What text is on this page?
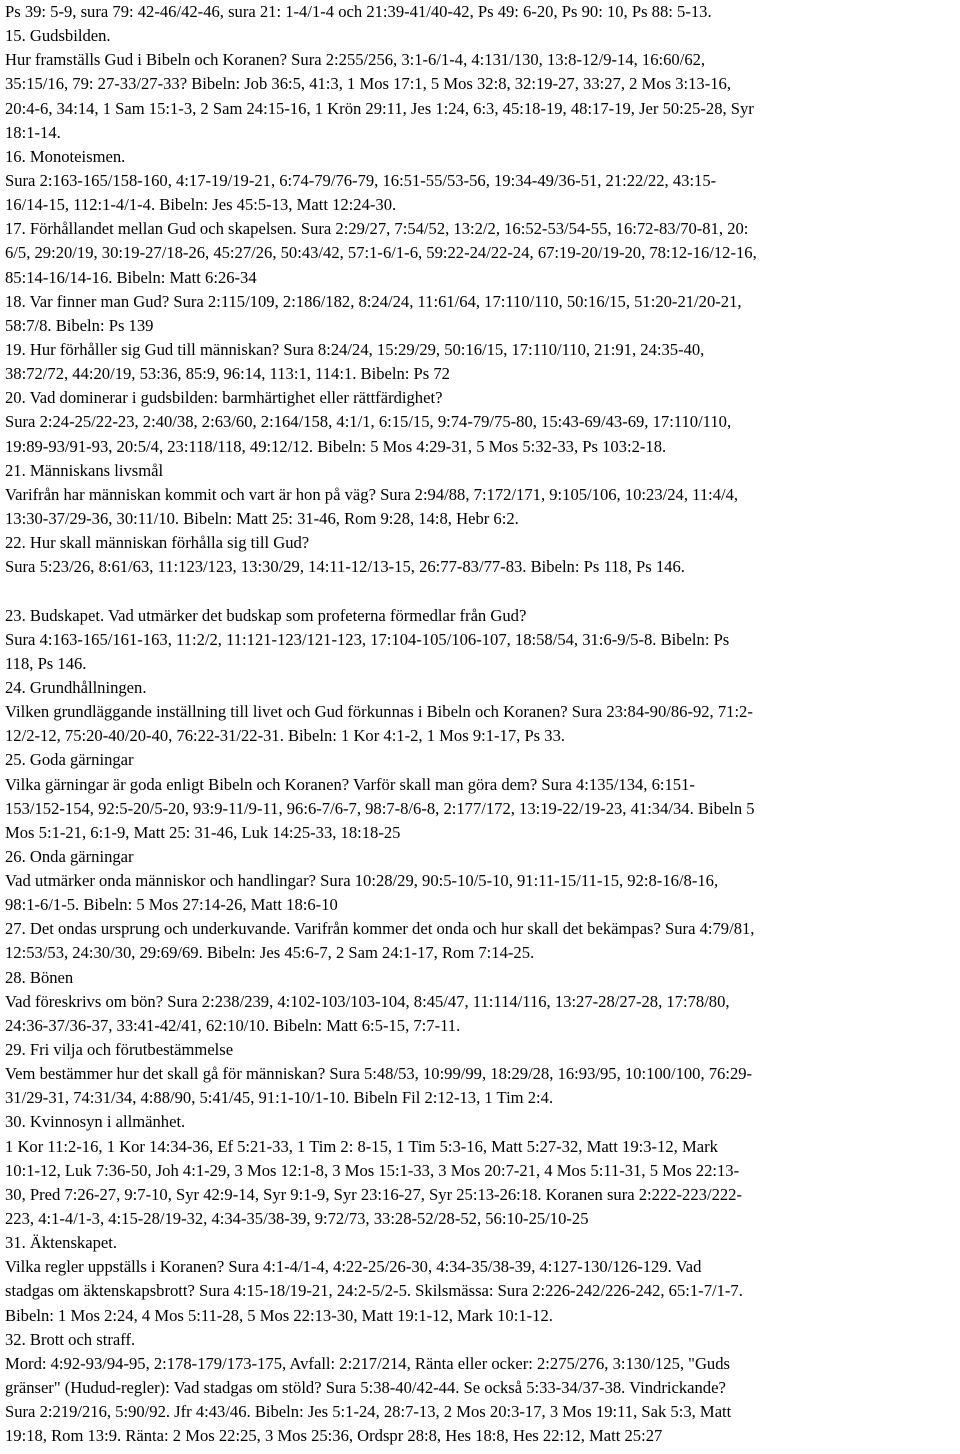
Ps 39: 5-9, sura 79: 42-46/42-46, sura 21: 1-4/1-4 och 21:39-41/40-42, Ps 49: 6-20, Ps 90: 10, Ps 88: 5-13.
15. Gudsbilden.
Hur framställs Gud i Bibeln och Koranen? Sura 2:255/256, 3:1-6/1-4, 4:131/130, 13:8-12/9-14, 16:60/62,
35:15/16, 79: 27-33/27-33? Bibeln: Job 36:5, 41:3, 1 Mos 17:1, 5 Mos 32:8, 32:19-27, 33:27, 2 Mos 3:13-16,
20:4-6, 34:14, 1 Sam 15:1-3, 2 Sam 24:15-16, 1 Krön 29:11, Jes 1:24, 6:3, 45:18-19, 48:17-19, Jer 50:25-28, Syr
18:1-14.
16. Monoteismen.
Sura 2:163-165/158-160, 4:17-19/19-21, 6:74-79/76-79, 16:51-55/53-56, 19:34-49/36-51, 21:22/22, 43:15-
16/14-15, 112:1-4/1-4. Bibeln: Jes 45:5-13, Matt 12:24-30.
17. Förhållandet mellan Gud och skapelsen. Sura 2:29/27, 7:54/52, 13:2/2, 16:52-53/54-55, 16:72-83/70-81, 20:
6/5, 29:20/19, 30:19-27/18-26, 45:27/26, 50:43/42, 57:1-6/1-6, 59:22-24/22-24, 67:19-20/19-20, 78:12-16/12-16,
85:14-16/14-16. Bibeln: Matt 6:26-34
18. Var finner man Gud? Sura 2:115/109, 2:186/182, 8:24/24, 11:61/64, 17:110/110, 50:16/15, 51:20-21/20-21,
58:7/8. Bibeln: Ps 139
19. Hur förhåller sig Gud till människan? Sura 8:24/24, 15:29/29, 50:16/15, 17:110/110, 21:91, 24:35-40,
38:72/72, 44:20/19, 53:36, 85:9, 96:14, 113:1, 114:1. Bibeln: Ps 72
20. Vad dominerar i gudsbilden: barmhärtighet eller rättfärdighet?
Sura 2:24-25/22-23, 2:40/38, 2:63/60, 2:164/158, 4:1/1, 6:15/15, 9:74-79/75-80, 15:43-69/43-69, 17:110/110,
19:89-93/91-93, 20:5/4, 23:118/118, 49:12/12. Bibeln: 5 Mos 4:29-31, 5 Mos 5:32-33, Ps 103:2-18.
21. Människans livsmål
Varifrån har människan kommit och vart är hon på väg? Sura 2:94/88, 7:172/171, 9:105/106, 10:23/24, 11:4/4,
13:30-37/29-36, 30:11/10. Bibeln: Matt 25: 31-46, Rom 9:28, 14:8, Hebr 6:2.
22. Hur skall människan förhålla sig till Gud?
Sura 5:23/26, 8:61/63, 11:123/123, 13:30/29, 14:11-12/13-15, 26:77-83/77-83. Bibeln: Ps 118, Ps 146.
23. Budskapet. Vad utmärker det budskap som profeterna förmedlar från Gud?
Sura 4:163-165/161-163, 11:2/2, 11:121-123/121-123, 17:104-105/106-107, 18:58/54, 31:6-9/5-8. Bibeln: Ps
118, Ps 146.
24. Grundhållningen.
Vilken grundläggande inställning till livet och Gud förkunnas i Bibeln och Koranen? Sura 23:84-90/86-92, 71:2-
12/2-12, 75:20-40/20-40, 76:22-31/22-31. Bibeln: 1 Kor 4:1-2, 1 Mos 9:1-17, Ps 33.
25. Goda gärningar
Vilka gärningar är goda enligt Bibeln och Koranen? Varför skall man göra dem? Sura 4:135/134, 6:151-
153/152-154, 92:5-20/5-20, 93:9-11/9-11, 96:6-7/6-7, 98:7-8/6-8, 2:177/172, 13:19-22/19-23, 41:34/34. Bibeln 5
Mos 5:1-21, 6:1-9, Matt 25: 31-46, Luk 14:25-33, 18:18-25
26. Onda gärningar
Vad utmärker onda människor och handlingar? Sura 10:28/29, 90:5-10/5-10, 91:11-15/11-15, 92:8-16/8-16,
98:1-6/1-5. Bibeln: 5 Mos 27:14-26, Matt 18:6-10
27. Det ondas ursprung och underkuvande. Varifrån kommer det onda och hur skall det bekämpas? Sura 4:79/81,
12:53/53, 24:30/30, 29:69/69. Bibeln: Jes 45:6-7, 2 Sam 24:1-17, Rom 7:14-25.
28. Bönen
Vad föreskrivs om bön? Sura 2:238/239, 4:102-103/103-104, 8:45/47, 11:114/116, 13:27-28/27-28, 17:78/80,
24:36-37/36-37, 33:41-42/41, 62:10/10. Bibeln: Matt 6:5-15, 7:7-11.
29. Fri vilja och förutbestämmelse
Vem bestämmer hur det skall gå för människan? Sura 5:48/53, 10:99/99, 18:29/28, 16:93/95, 10:100/100, 76:29-
31/29-31, 74:31/34, 4:88/90, 5:41/45, 91:1-10/1-10. Bibeln Fil 2:12-13, 1 Tim 2:4.
30. Kvinnosyn i allmänhet.
1 Kor 11:2-16, 1 Kor 14:34-36, Ef 5:21-33, 1 Tim 2: 8-15, 1 Tim 5:3-16, Matt 5:27-32, Matt 19:3-12, Mark
10:1-12, Luk 7:36-50, Joh 4:1-29, 3 Mos 12:1-8, 3 Mos 15:1-33, 3 Mos 20:7-21, 4 Mos 5:11-31, 5 Mos 22:13-
30, Pred 7:26-27, 9:7-10, Syr 42:9-14, Syr 9:1-9, Syr 23:16-27, Syr 25:13-26:18. Koranen sura 2:222-223/222-
223, 4:1-4/1-3, 4:15-28/19-32, 4:34-35/38-39, 9:72/73, 33:28-52/28-52, 56:10-25/10-25
31. Äktenskapet.
Vilka regler uppställs i Koranen? Sura 4:1-4/1-4, 4:22-25/26-30, 4:34-35/38-39, 4:127-130/126-129. Vad
stadgas om äktenskapsbrott? Sura 4:15-18/19-21, 24:2-5/2-5. Skilsmässa: Sura 2:226-242/226-242, 65:1-7/1-7.
Bibeln: 1 Mos 2:24, 4 Mos 5:11-28, 5 Mos 22:13-30, Matt 19:1-12, Mark 10:1-12.
32. Brott och straff.
Mord: 4:92-93/94-95, 2:178-179/173-175, Avfall: 2:217/214, Ränta eller ocker: 2:275/276, 3:130/125, "Guds
gränser" (Hudud-regler): Vad stadgas om stöld? Sura 5:38-40/42-44. Se också 5:33-34/37-38. Vindrickande?
Sura 2:219/216, 5:90/92. Jfr 4:43/46. Bibeln: Jes 5:1-24, 28:7-13, 2 Mos 20:3-17, 3 Mos 19:11, Sak 5:3, Matt
19:18, Rom 13:9. Ränta: 2 Mos 22:25, 3 Mos 25:36, Ordspr 28:8, Hes 18:8, Hes 22:12, Matt 25:27
